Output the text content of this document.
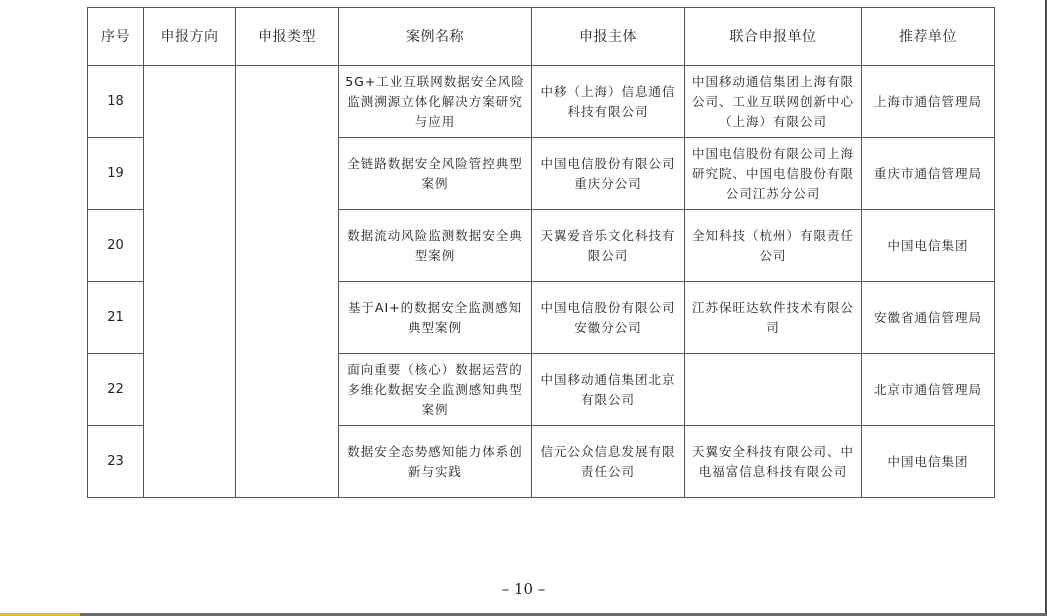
序号	申报方向	申报类型	案例名称	申报主体	联合申报单位	推荐单位
18			5G+工业互联网数据安全风险监测溯源立体化解决方案研究与应用	中移（上海）信息通信科技有限公司	中国移动通信集团上海有限公司、工业互联网创新中心（上海）有限公司	上海市通信管理局
19			全链路数据安全风险管控典型案例	中国电信股份有限公司重庆分公司	中国电信股份有限公司上海研究院、中国电信股份有限公司江苏分公司	重庆市通信管理局
20			数据流动风险监测数据安全典型案例	天翼爱音乐文化科技有限公司	全知科技（杭州）有限责任公司	中国电信集团
21			基于AI+的数据安全监测感知典型案例	中国电信股份有限公司安徽分公司	江苏保旺达软件技术有限公司	安徽省通信管理局
22			面向重要（核心）数据运营的多维化数据安全监测感知典型案例	中国移动通信集团北京有限公司		北京市通信管理局
23			数据安全态势感知能力体系创新与实践	信元公众信息发展有限责任公司	天翼安全科技有限公司、中电福富信息科技有限公司	中国电信集团
– 10 –
